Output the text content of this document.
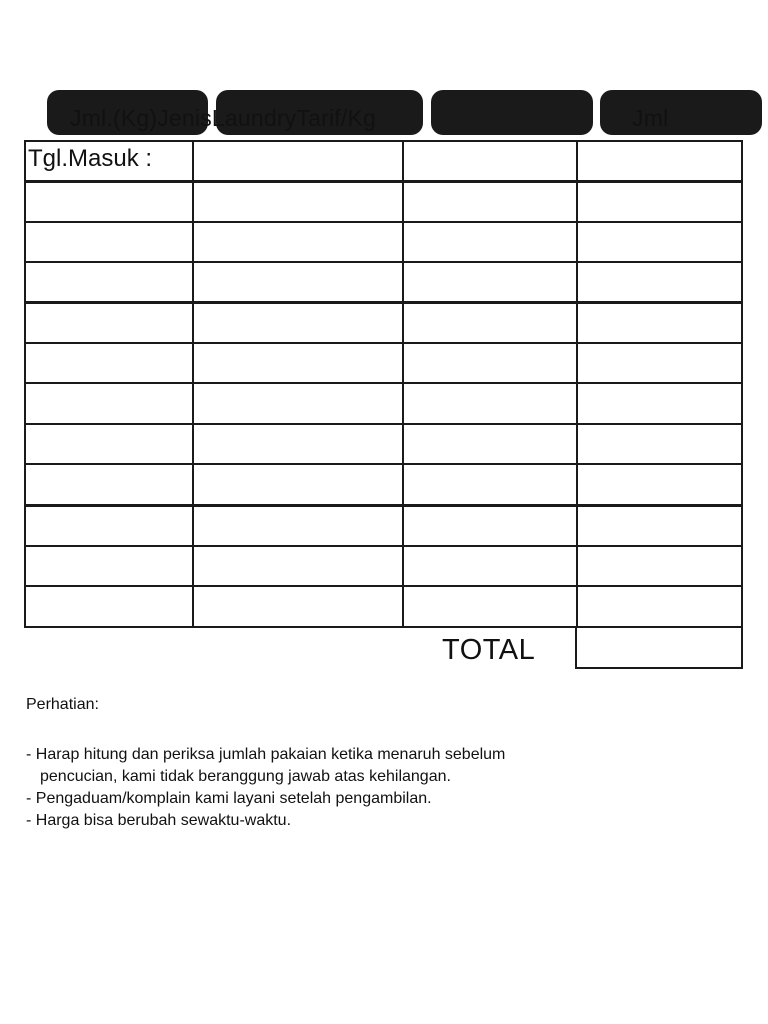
Jml.(Kg)JenisLaundryTarif/Kg	Jml
Tgl.Masuk :
TOTAL

Perhatian:

- Harap hitung dan periksa jumlah pakaian ketika menaruh sebelum

pencucian, kami tidak beranggung jawab atas kehilangan.

- Pengaduam/komplain kami layani setelah pengambilan.

- Harga bisa berubah sewaktu-waktu.
